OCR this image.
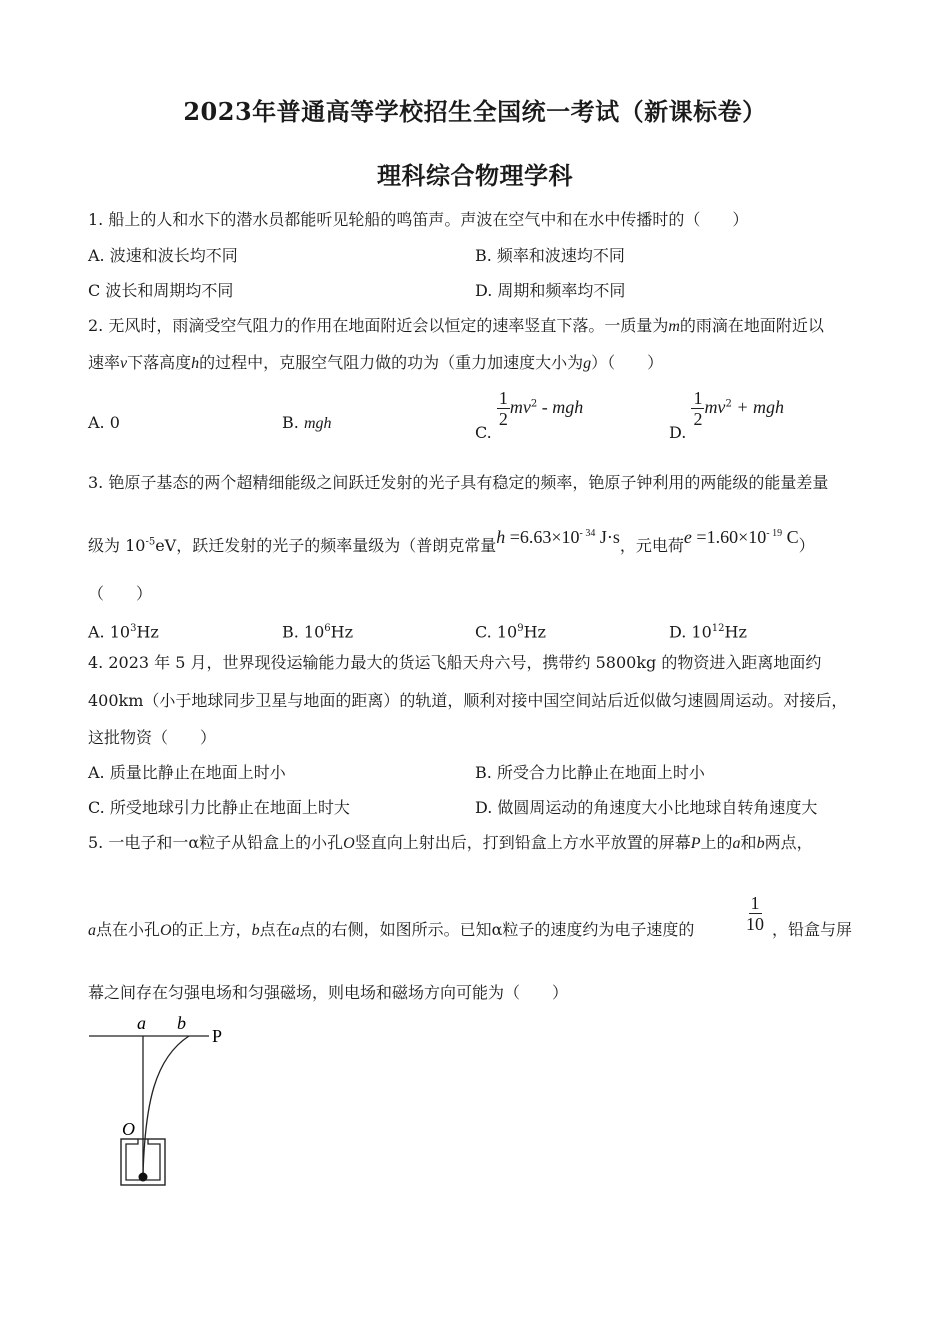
2023年普通高等学校招生全国统一考试（新课标卷）
理科综合物理学科
1. 船上的人和水下的潜水员都能听见轮船的鸣笛声。声波在空气中和在水中传播时的（　　）
A. 波速和波长均不同	B. 频率和波速均不同
C 波长和周期均不同	D. 周期和频率均不同
2. 无风时，雨滴受空气阻力的作用在地面附近会以恒定的速率竖直下落。一质量为m的雨滴在地面附近以
速率v下落高度h的过程中，克服空气阻力做的功为（重力加速度大小为g）（　　）
A. 0	B. mgh	C.
$\frac{1}{2} mv^2$ - mgh
D.
$\frac{1}{2} mv^2$ + mgh
3. 铯原子基态的两个超精细能级之间跃迁发射的光子具有稳定的频率，铯原子钟利用的两能级的能量差量
级为 $10^{-5}eV$，跃迁发射的光子的频率量级为（普朗克常量$h =6.63\times 10^{- 34}$ J·s，元电荷$e =1.60\times 10^{- 19}$ C）
（　　）
A. $10^3Hz$	B. $10^6Hz$	C. $10^9Hz$	D. $10^{12}Hz$
4. 2023 年 5 月，世界现役运输能力最大的货运飞船天舟六号，携带约 5800kg 的物资进入距离地面约
400km（小于地球同步卫星与地面的距离）的轨道，顺利对接中国空间站后近似做匀速圆周运动。对接后，
这批物资（　　）
A. 质量比静止在地面上时小	B. 所受合力比静止在地面上时小
C. 所受地球引力比静止在地面上时大	D. 做圆周运动的角速度大小比地球自转角速度大
5. 一电子和一α粒子从铅盒上的小孔O竖直向上射出后，打到铅盒上方水平放置的屏幕P上的a和b两点，
a点在小孔O的正上方，b点在a点的右侧，如图所示。已知α粒子的速度约为电子速度的	$\frac{1}{10}$ ，铅盒与屏
幕之间存在匀强电场和匀强磁场，则电场和磁场方向可能为（　　）
a b
P
O
